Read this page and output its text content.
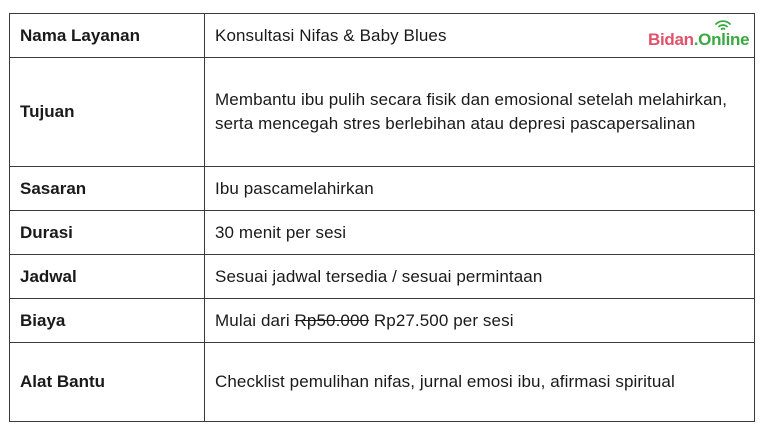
Nama Layanan	Konsultasi Nifas & Baby Blues
Tujuan	Membantu ibu pulih secara fisik dan emosional setelah melahirkan, serta mencegah stres berlebihan atau depresi pascapersalinan
Sasaran	Ibu pascamelahirkan
Durasi	30 menit per sesi
Jadwal	Sesuai jadwal tersedia / sesuai permintaan
Biaya	Mulai dari Rp50.000 Rp27.500 per sesi
Alat Bantu	Checklist pemulihan nifas, jurnal emosi ibu, afirmasi spiritual
Bidan.Online
